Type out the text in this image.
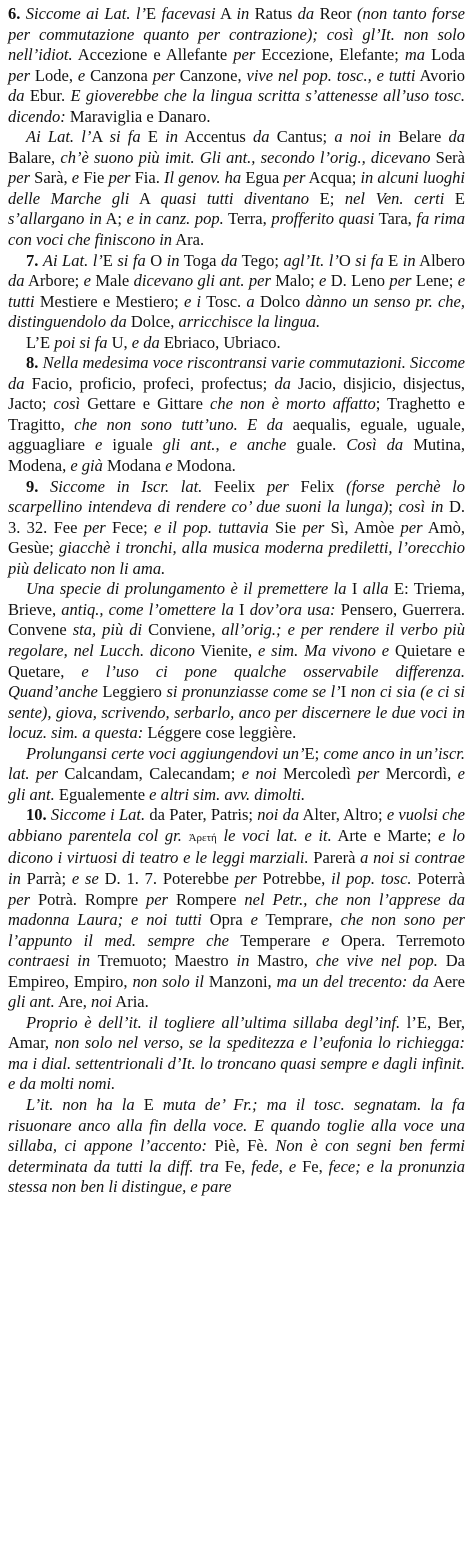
6. Siccome ai Lat. l’E facevasi A in Ratus da Reor (non tanto forse per commutazione quanto per contrazione); così gl’It. non solo nell’idiot. Accezione e Allefante per Eccezione, Elefante; ma Loda per Lode, e Canzona per Canzone, vive nel pop. tosc., e tutti Avorio da Ebur. E gioverebbe che la lingua scritta s’attenesse all’uso tosc. dicendo: Maraviglia e Danaro.

Ai Lat. l’A si fa E in Accentus da Cantus; a noi in Belare da Balare, ch’è suono più imit. Gli ant., secondo l’orig., dicevano Serà per Sarà, e Fie per Fia. Il genov. ha Egua per Acqua; in alcuni luoghi delle Marche gli A quasi tutti diventano E; nel Ven. certi E s’allargano in A; e in canz. pop. Terra, profferito quasi Tara, fa rima con voci che finiscono in Ara.

7. Ai Lat. l’E si fa O in Toga da Tego; agl’It. l’O si fa E in Albero da Arbore; e Male dicevano gli ant. per Malo; e D. Leno per Lene; e tutti Mestiere e Mestiero; e i Tosc. a Dolco dànno un senso pr. che, distinguendolo da Dolce, arricchisce la lingua.

L’E poi si fa U, e da Ebriaco, Ubriaco.

8. Nella medesima voce riscontransi varie commutazioni. Siccome da Facio, proficio, profeci, profectus; da Jacio, disjicio, disjectus, Jacto; così Gettare e Gittare che non è morto affatto; Traghetto e Tragitto, che non sono tutt’uno. E da aequalis, eguale, uguale, agguagliare e iguale gli ant., e anche guale. Così da Mutina, Modena, e già Modana e Modona.

9. Siccome in Iscr. lat. Feelix per Felix (forse perchè lo scarpellino intendeva di rendere co’ due suoni la lunga); così in D. 3. 32. Fee per Fece; e il pop. tuttavia Sie per Sì, Amòe per Amò, Gesùe; giacchè i tronchi, alla musica moderna prediletti, l’orecchio più delicato non li ama.

Una specie di prolungamento è il premettere la I alla E: Triema, Brieve, antiq., come l’omettere la I dov’ora usa: Pensero, Guerrera. Convene sta, più di Conviene, all’orig.; e per rendere il verbo più regolare, nel Lucch. dicono Vienite, e sim. Ma vivono e Quietare e Quetare, e l’uso ci pone qualche osservabile differenza. Quand’anche Leggiero si pronunziasse come se l’I non ci sia (e ci si sente), giova, scrivendo, serbarlo, anco per discernere le due voci in locuz. sim. a questa: Léggere cose leggière.

Prolungansi certe voci aggiungendovi un’E; come anco in un’iscr. lat. per Calcandam, Calecandam; e noi Mercoledì per Mercordì, e gli ant. Egualemente e altri sim. avv. dimolti.

10. Siccome i Lat. da Pater, Patris; noi da Alter, Altro; e vuolsi che abbiano parentela col gr. Ἀρετή le voci lat. e it. Arte e Marte; e lo dicono i virtuosi di teatro e le leggi marziali. Parerà a noi si contrae in Parrà; e se D. 1. 7. Poterebbe per Potrebbe, il pop. tosc. Poterrà per Potrà. Rompre per Rompere nel Petr., che non l’apprese da madonna Laura; e noi tutti Opra e Temprare, che non sono per l’appunto il med. sempre che Temperare e Opera. Terremoto contraesi in Tremuoto; Maestro in Mastro, che vive nel pop. Da Empireo, Empiro, non solo il Manzoni, ma un del trecento: da Aere gli ant. Are, noi Aria.

Proprio è dell’it. il togliere all’ultima sillaba degl’inf. l’E, Ber, Amar, non solo nel verso, se la speditezza e l’eufonia lo richiegga: ma i dial. settentrionali d’It. lo troncano quasi sempre e dagli infinit. e da molti nomi.

L’it. non ha la E muta de’ Fr.; ma il tosc. segnatam. la fa risuonare anco alla fin della voce. E quando toglie alla voce una sillaba, ci appone l’accento: Piè, Fè. Non è con segni ben fermi determinata da tutti la diff. tra Fe, fede, e Fe, fece; e la pronunzia stessa non ben li distingue, e pare
